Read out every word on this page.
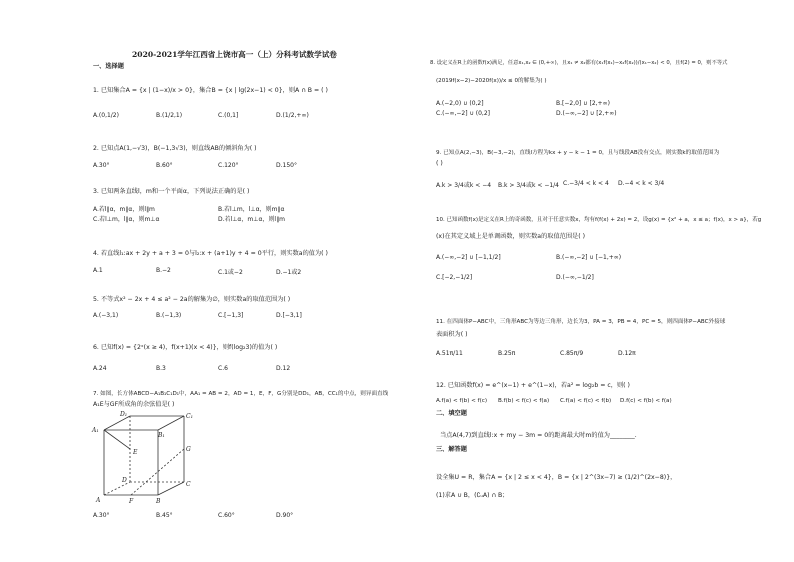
2020-2021学年江西省上饶市高一（上）分科考试数学试卷
一、选择题
1. 已知集合A = {x | (1−x)/x > 0}，集合B = {x | lg(2x−1) < 0}，则A ∩ B = ( )
A.(0,1/2)	B.(1/2,1)	C.(0,1]	D.(1/2,+∞)
2. 已知点A(1,−√3)，B(−1,3√3)，则直线AB的倾斜角为( )
A.30°	B.60°	C.120°	D.150°
3. 已知两条直线l，m和一个平面α，下列说法正确的是( )
A.若l∥α，m∥α，则l∥m	B.若l⊥m，l⊥α，则m∥α
C.若l⊥m，l∥α，则m⊥α	D.若l⊥α，m⊥α，则l∥m
4. 若直线l₁:ax + 2y + a + 3 = 0与l₂:x + (a+1)y + 4 = 0平行，则实数a的值为( )
A.1	B.−2	C.1或−2	D.−1或2
5. 不等式x² − 2x + 4 ≤ a² − 2a的解集为∅，则实数a的取值范围为( )
A.(−3,1)	B.(−1,3)	C.[−1,3]	D.[−3,1]
6. 已知f(x) = {2ˣ(x ≥ 4)，f(x+1)(x < 4)}，则f(log₂3)的值为( )
A.24	B.3	C.6	D.12
7. 如图，长方体ABCD−A₁B₁C₁D₁中，AA₁ = AB = 2，AD = 1，E，F，G分别是DD₁，AB，CC₁的中点，则异面直线
A₁E与GF所成角的余弦值是( )
A₁
B₁
C₁
D₁
A	B
C
D
E
F
G
A.30°	B.45°	C.60°	D.90°
8. 设定义在R上的函数f(x)满足，任意x₁,x₂ ∈ (0,+∞)，且x₁ ≠ x₂都有(x₁f(x₁)−x₂f(x₂))/(x₁−x₂) < 0，且f(2) = 0，则不等式
(2019f(x−2)−2020f(x))/x ≤ 0的解集为( )
A.(−2,0) ∪ (0,2]	B.[−2,0] ∪ [2,+∞)
C.(−∞,−2] ∪ (0,2]	D.(−∞,−2] ∪ [2,+∞)
9. 已知点A(2,−3)，B(−3,−2)，直线l方程为kx + y − k − 1 = 0，且与线段AB没有交点，则实数k的取值范围为
( )
A.k > 3/4或k < −4 B.k > 3/4或k < −1/4 C.−3/4 < k < 4 D.−4 < k < 3/4
10. 已知函数f(x)是定义在R上的奇函数，且对于任意实数x，均有f(f(x) + 2x) = 2，设g(x) = {x² + a，x ≤ a；f(x)，x > a}，若g
(x)在其定义域上是单调函数，则实数a的取值范围是( )
A.(−∞,−2] ∪ [−1,1/2]	B.(−∞,−2] ∪ [−1,+∞)
C.[−2,−1/2]	D.(−∞,−1/2]
11. 在四面体P−ABC中，三角形ABC为等边三角形，边长为3，PA = 3，PB = 4，PC = 5，则四面体P−ABC外接球
表面积为( )
A.51π/11	B.25π	C.85π/9	D.12π
12. 已知函数f(x) = e^(x−1) + e^(1−x)，若a² = log₂b = c，则( )
A.f(a) < f(b) < f(c) B.f(b) < f(c) < f(a) C.f(a) < f(c) < f(b) D.f(c) < f(b) < f(a)
二、填空题
当点A(4,7)到直线l:x + my − 3m = 0的距离最大时m的值为________.
三、解答题
设全集U = R，集合A = {x | 2 ≤ x < 4}，B = {x | 2^(3x−7) ≥ (1/2)^(2x−8)}，
(1)求A ∪ B，(∁ᵤA) ∩ B；
